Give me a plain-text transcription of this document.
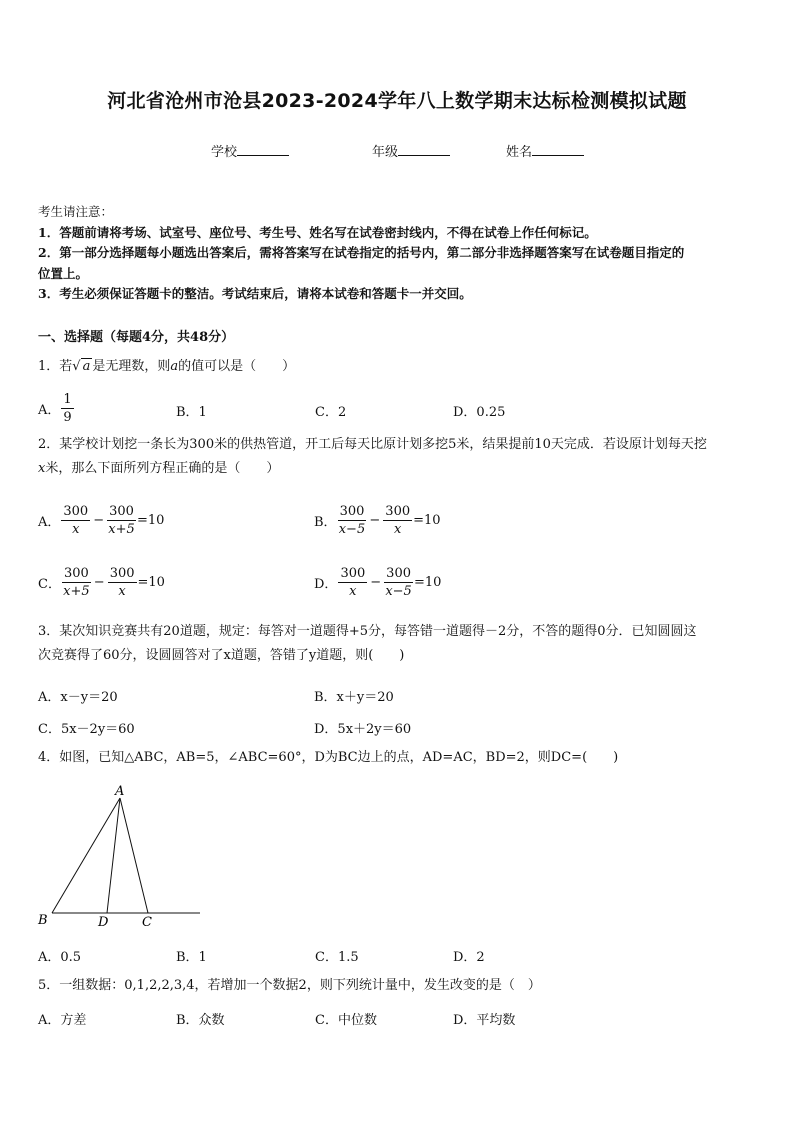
河北省沧州市沧县2023-2024学年八上数学期末达标检测模拟试题
学校	年级	姓名
考生请注意：
1．答题前请将考场、试室号、座位号、考生号、姓名写在试卷密封线内，不得在试卷上作任何标记。
2．第一部分选择题每小题选出答案后，需将答案写在试卷指定的括号内，第二部分非选择题答案写在试卷题目指定的
位置上。
3．考生必须保证答题卡的整洁。考试结束后，请将本试卷和答题卡一并交回。
一、选择题（每题4分，共48分）
1．若√ a 是无理数，则a的值可以是（　　）
A． $\frac{1}{9}$	B．1	C．2	D．0.25
2．某学校计划挖一条长为300米的供热管道，开工后每天比原计划多挖5米，结果提前10天完成．若设原计划每天挖
x米，那么下面所列方程正确的是（　　）
A． $\frac{300}{x} - \frac{300}{x+5} =10$	B． $\frac{300}{x-5} - \frac{300}{x} =10$
C． $\frac{300}{x+5} - \frac{300}{x} =10$	D． $\frac{300}{x} - \frac{300}{x-5} =10$
3．某次知识竞赛共有20道题，规定：每答对一道题得+5分，每答错一道题得－2分，不答的题得0分．已知圆圆这
次竞赛得了60分，设圆圆答对了x道题，答错了y道题，则(　　)
A．x－y＝20	B．x＋y＝20
C．5x－2y＝60	D．5x＋2y＝60
4．如图，已知△ABC，AB=5，∠ABC=60°，D为BC边上的点，AD=AC，BD=2，则DC=(　　)
A
B	D	C
A．0.5	B．1	C．1.5	D．2
5．一组数据：0,1,2,2,3,4，若增加一个数据2，则下列统计量中，发生改变的是（　）
A．方差	B．众数	C．中位数	D．平均数
